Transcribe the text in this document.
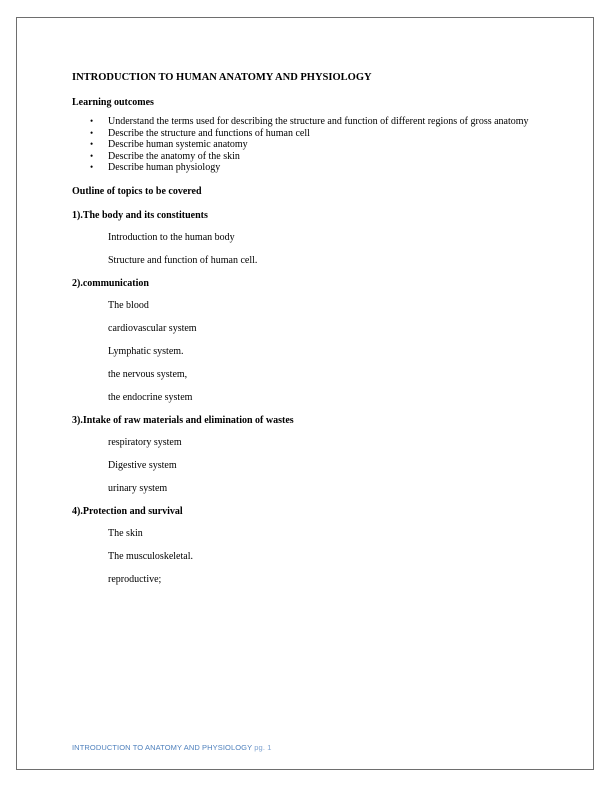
INTRODUCTION TO HUMAN ANATOMY AND PHYSIOLOGY

Learning outcomes

• Understand the terms used for describing the structure and function of different regions of gross anatomy
• Describe the structure and functions of human cell
• Describe human systemic anatomy
• Describe the anatomy of the skin
• Describe human physiology

Outline of topics to be covered

1).The body and its constituents

Introduction to the human body

Structure and function of human cell.

2).communication

The blood

cardiovascular system

Lymphatic system.

the nervous system,

the endocrine system

3).Intake of raw materials and elimination of wastes

respiratory system

Digestive system

urinary system

4).Protection and survival

The skin

The musculoskeletal.

reproductive;

INTRODUCTION TO ANATOMY AND PHYSIOLOGY pg. 1
